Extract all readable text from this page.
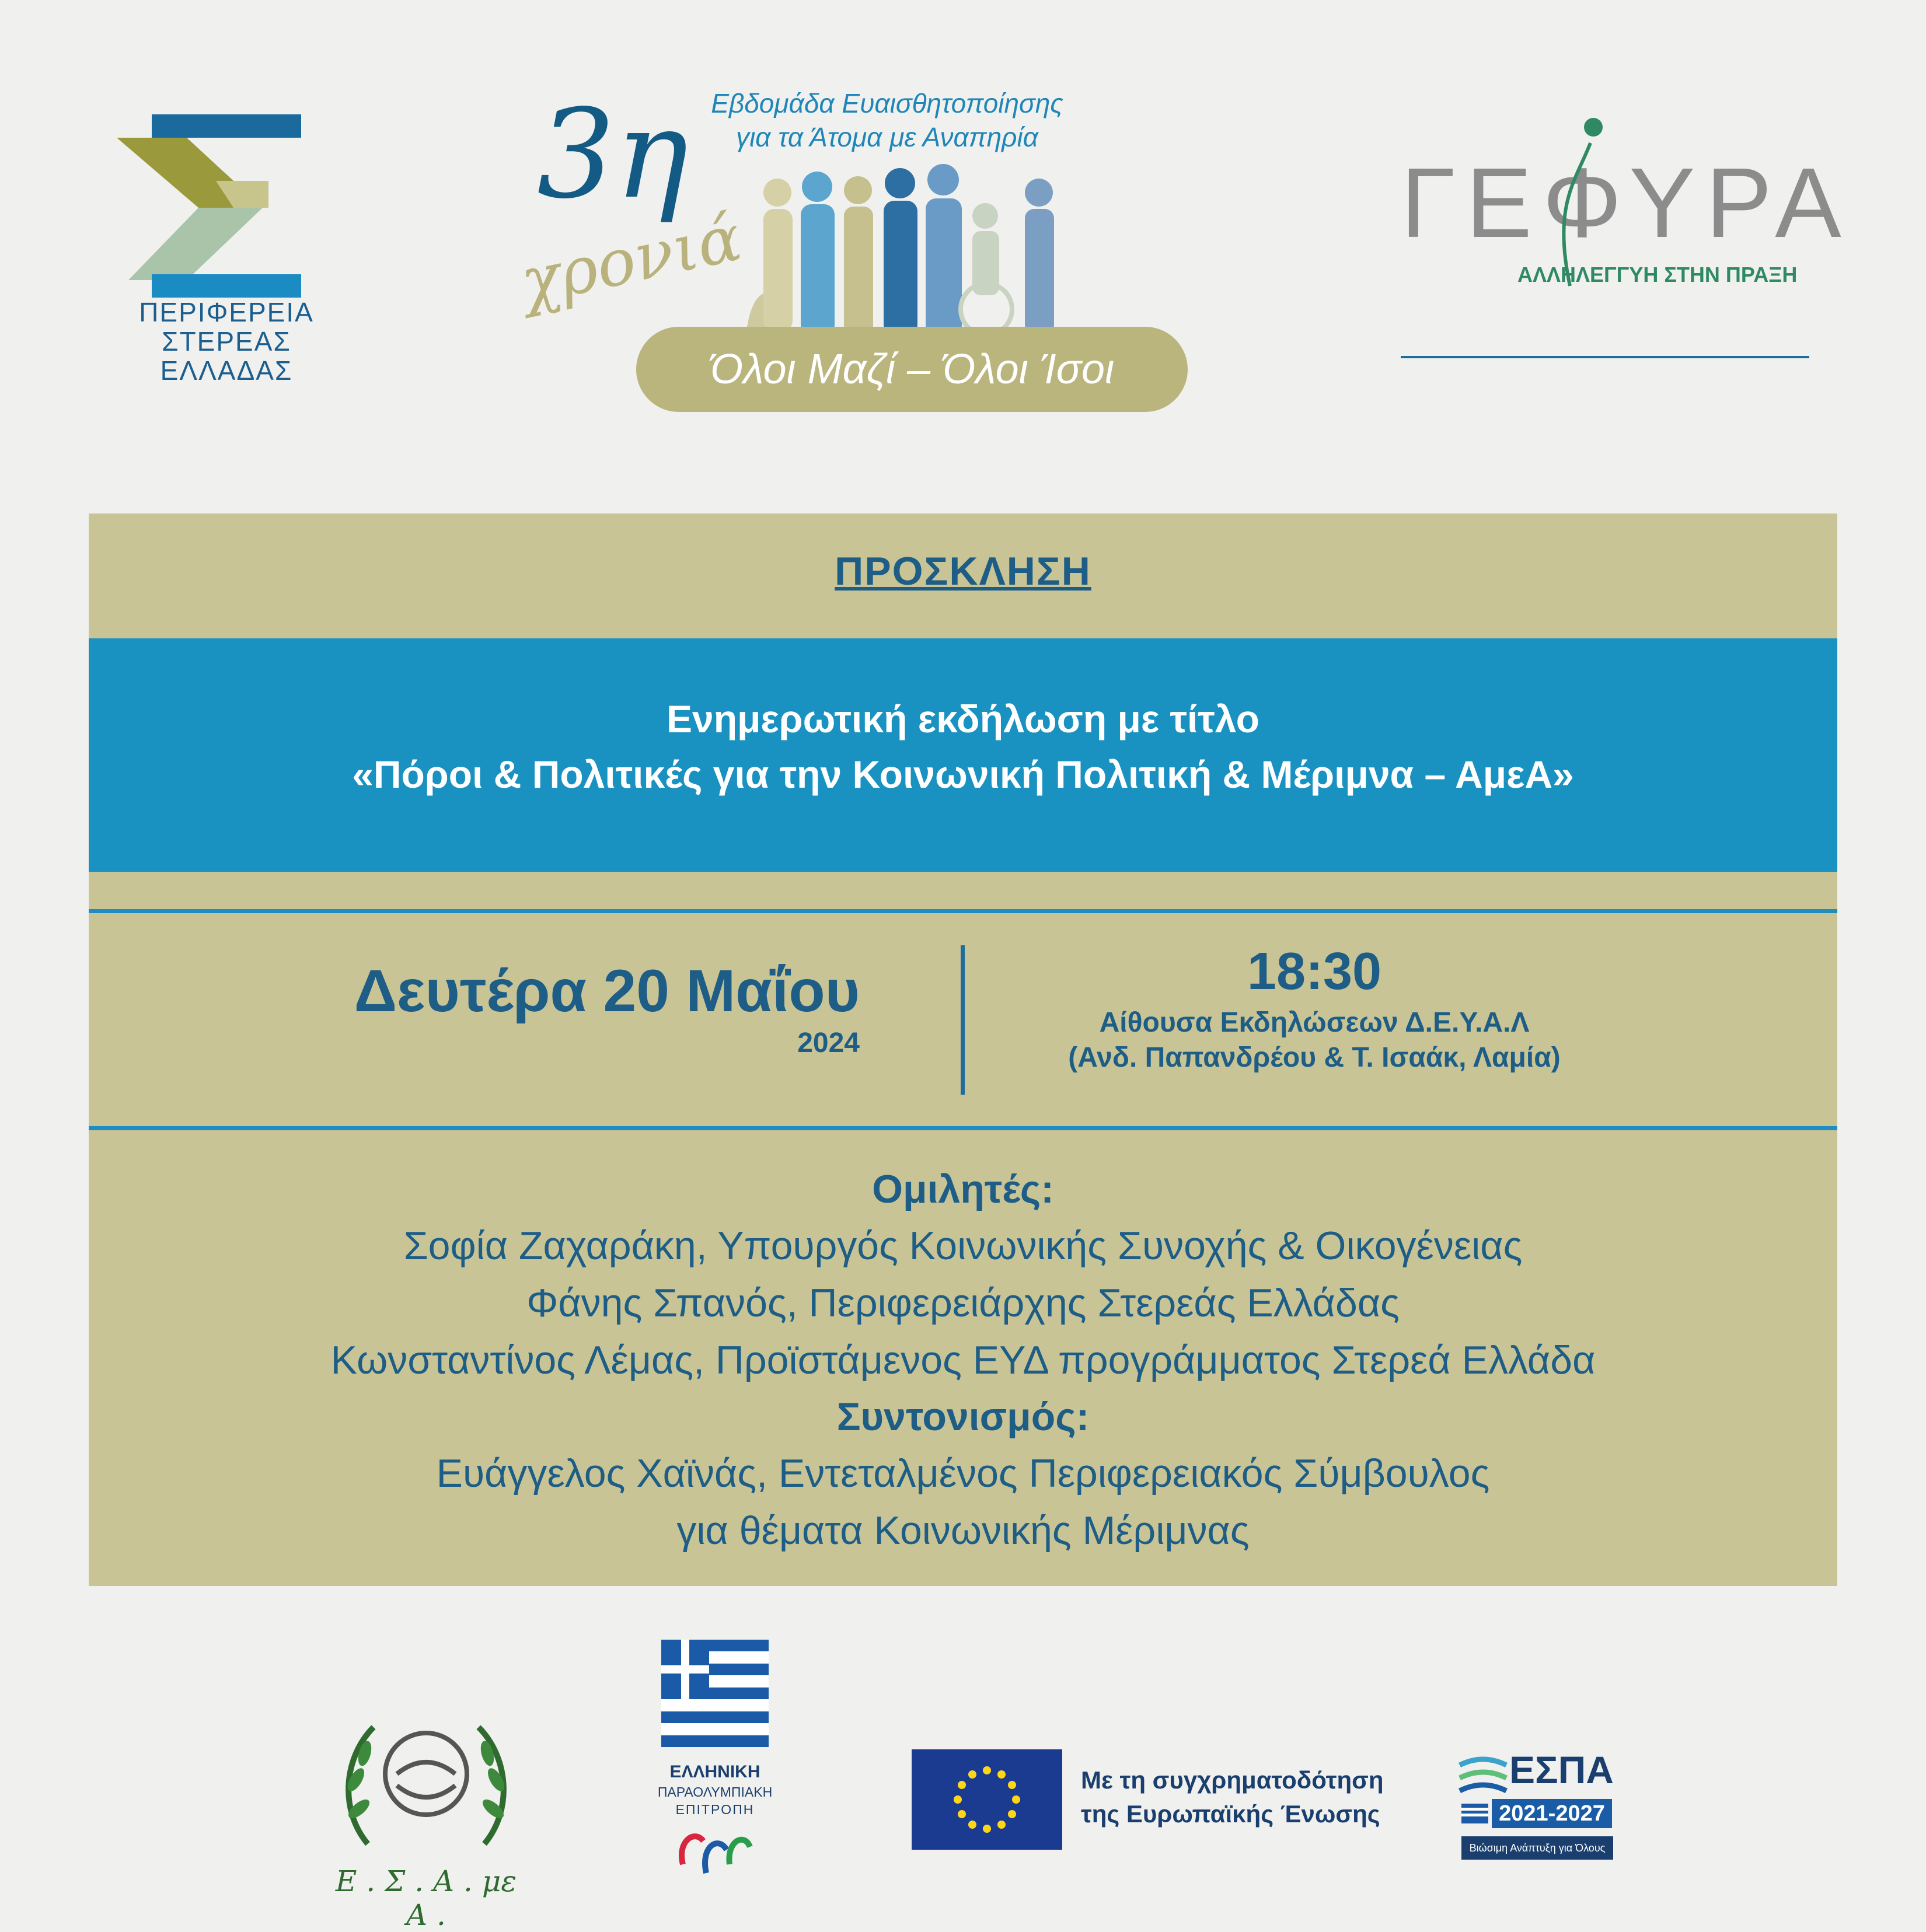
ΠΕΡΙΦΕΡΕΙΑ
ΣΤΕΡΕΑΣ
ΕΛΛΑΔΑΣ
3η
χρονιά
Εβδομάδα Ευαισθητοποίησης
για τα Άτομα με Αναπηρία
Όλοι Μαζί – Όλοι Ίσοι
ΓΕΦΥΡΑ
ΑΛΛΗΛΕΓΓΥΗ ΣΤΗΝ ΠΡΑΞΗ
ΠΡΟΣΚΛΗΣΗ
Ενημερωτική εκδήλωση με τίτλο
«Πόροι & Πολιτικές για την Κοινωνική Πολιτική & Μέριμνα – ΑμεΑ»
Δευτέρα 20 Μαΐου
2024
18:30
Αίθουσα Εκδηλώσεων Δ.Ε.Υ.Α.Λ
(Ανδ. Παπανδρέου & Τ. Ισαάκ, Λαμία)
Ομιλητές:
Σοφία Ζαχαράκη, Υπουργός Κοινωνικής Συνοχής & Οικογένειας
Φάνης Σπανός, Περιφερειάρχης Στερεάς Ελλάδας
Κωνσταντίνος Λέμας, Προϊστάμενος ΕΥΔ προγράμματος Στερεά Ελλάδα
Συντονισμός:
Ευάγγελος Χαϊνάς, Εντεταλμένος Περιφερειακός Σύμβουλος
για θέματα Κοινωνικής Μέριμνας
Ε . Σ . Α . με Α .
ΕΛΛΗΝΙΚΗ
ΠΑΡΑΟΛΥΜΠΙΑΚΗ
ΕΠΙΤΡΟΠΗ
Με τη συγχρηματοδότηση
της Ευρωπαϊκής Ένωσης
ΕΣΠΑ
2021-2027
Βιώσιμη Ανάπτυξη για Όλους
